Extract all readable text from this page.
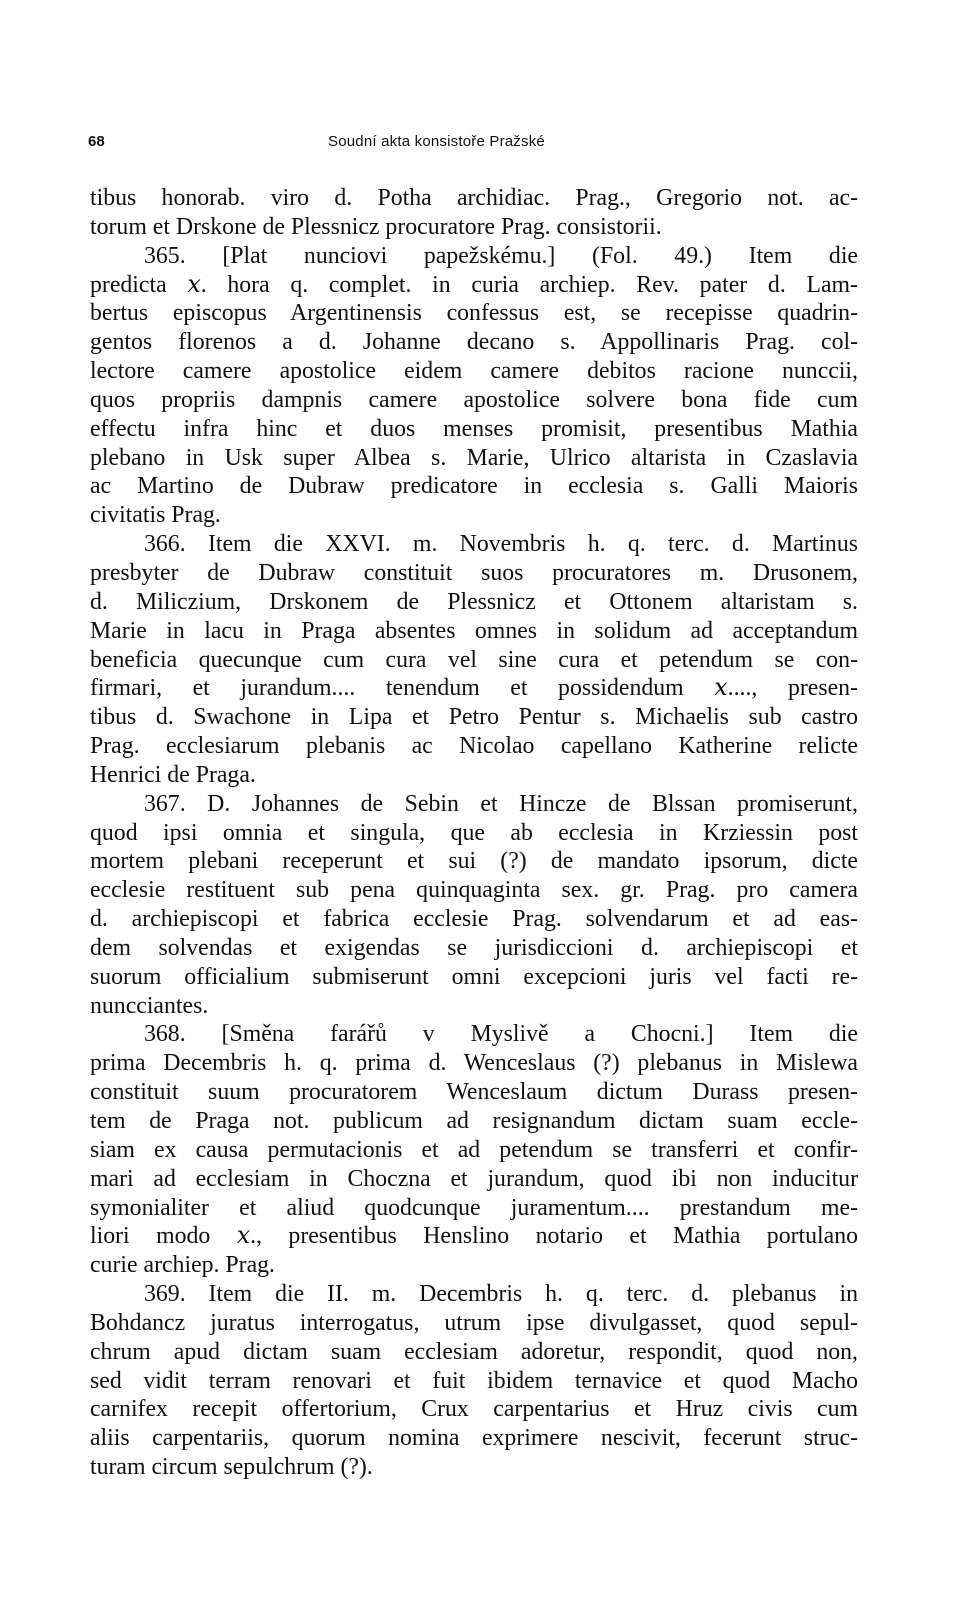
68	Soudní akta konsistoře Pražské
tibus honorab. viro d. Potha archidiac. Prag., Gregorio not. ac-
torum et Drskone de Plessnicz procuratore Prag. consistorii.
365. [Plat nunciovi papežskému.] (Fol. 49.) Item die
predicta 𝑥. hora q. complet. in curia archiep. Rev. pater d. Lam-
bertus episcopus Argentinensis confessus est, se recepisse quadrin-
gentos florenos a d. Johanne decano s. Appollinaris Prag. col-
lectore camere apostolice eidem camere debitos racione nunccii,
quos propriis dampnis camere apostolice solvere bona fide cum
effectu infra hinc et duos menses promisit, presentibus Mathia
plebano in Usk super Albea s. Marie, Ulrico altarista in Czaslavia
ac Martino de Dubraw predicatore in ecclesia s. Galli Maioris
civitatis Prag.
366. Item die XXVI. m. Novembris h. q. terc. d. Martinus
presbyter de Dubraw constituit suos procuratores m. Drusonem,
d. Miliczium, Drskonem de Plessnicz et Ottonem altaristam s.
Marie in lacu in Praga absentes omnes in solidum ad acceptandum
beneficia quecunque cum cura vel sine cura et petendum se con-
firmari, et jurandum.... tenendum et possidendum 𝑥...., presen-
tibus d. Swachone in Lipa et Petro Pentur s. Michaelis sub castro
Prag. ecclesiarum plebanis ac Nicolao capellano Katherine relicte
Henrici de Praga.
367. D. Johannes de Sebin et Hincze de Blssan promiserunt,
quod ipsi omnia et singula, que ab ecclesia in Krziessin post
mortem plebani receperunt et sui (?) de mandato ipsorum, dicte
ecclesie restituent sub pena quinquaginta sex. gr. Prag. pro camera
d. archiepiscopi et fabrica ecclesie Prag. solvendarum et ad eas-
dem solvendas et exigendas se jurisdiccioni d. archiepiscopi et
suorum officialium submiserunt omni excepcioni juris vel facti re-
nuncciantes.
368. [Směna farářů v Myslivě a Chocni.] Item die
prima Decembris h. q. prima d. Wenceslaus (?) plebanus in Mislewa
constituit suum procuratorem Wenceslaum dictum Durass presen-
tem de Praga not. publicum ad resignandum dictam suam eccle-
siam ex causa permutacionis et ad petendum se transferri et confir-
mari ad ecclesiam in Choczna et jurandum, quod ibi non inducitur
symonialiter et aliud quodcunque juramentum.... prestandum me-
liori modo 𝑥., presentibus Henslino notario et Mathia portulano
curie archiep. Prag.
369. Item die II. m. Decembris h. q. terc. d. plebanus in
Bohdancz juratus interrogatus, utrum ipse divulgasset, quod sepul-
chrum apud dictam suam ecclesiam adoretur, respondit, quod non,
sed vidit terram renovari et fuit ibidem ternavice et quod Macho
carnifex recepit offertorium, Crux carpentarius et Hruz civis cum
aliis carpentariis, quorum nomina exprimere nescivit, fecerunt struc-
turam circum sepulchrum (?).
